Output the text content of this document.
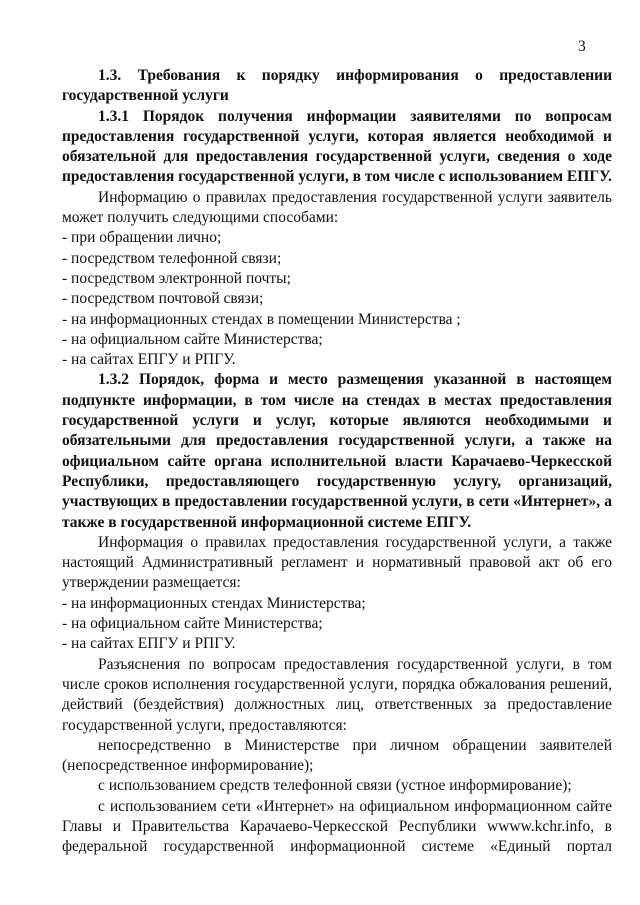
3

1.3. Требования к порядку информирования о предоставлении

государственной услуги

1.3.1 Порядок получения информации заявителями по вопросам предоставления государственной услуги, которая является необходимой и обязательной для предоставления государственной услуги, сведения о ходе предоставления государственной услуги, в том числе с использованием ЕПГУ.

Информацию о правилах предоставления государственной услуги заявитель может получить следующими способами:

- при обращении лично;

- посредством телефонной связи;

- посредством электронной почты;

- посредством почтовой связи;

- на информационных стендах в помещении Министерства ;

- на официальном сайте Министерства;

- на сайтах ЕПГУ и РПГУ.

1.3.2 Порядок, форма и место размещения указанной в настоящем подпункте информации, в том числе на стендах в местах предоставления государственной услуги и услуг, которые являются необходимыми и обязательными для предоставления государственной услуги, а также на официальном сайте органа исполнительной власти Карачаево-Черкесской Республики, предоставляющего государственную услугу, организаций, участвующих в предоставлении государственной услуги, в сети «Интернет», а также в государственной информационной системе ЕПГУ.

Информация о правилах предоставления государственной услуги, а также настоящий Административный регламент и нормативный правовой акт об его утверждении размещается:

- на информационных стендах Министерства;

- на официальном сайте Министерства;

- на сайтах ЕПГУ и РПГУ.

Разъяснения по вопросам предоставления государственной услуги, в том числе сроков исполнения государственной услуги, порядка обжалования решений, действий (бездействия) должностных лиц, ответственных за предоставление государственной услуги, предоставляются:

непосредственно в Министерстве при личном обращении заявителей (непосредственное информирование);

с использованием средств телефонной связи (устное информирование);

с использованием сети «Интернет» на официальном информационном сайте Главы и Правительства Карачаево-Черкесской Республики wwww.kchr.info, в федеральной государственной информационной системе «Единый портал
